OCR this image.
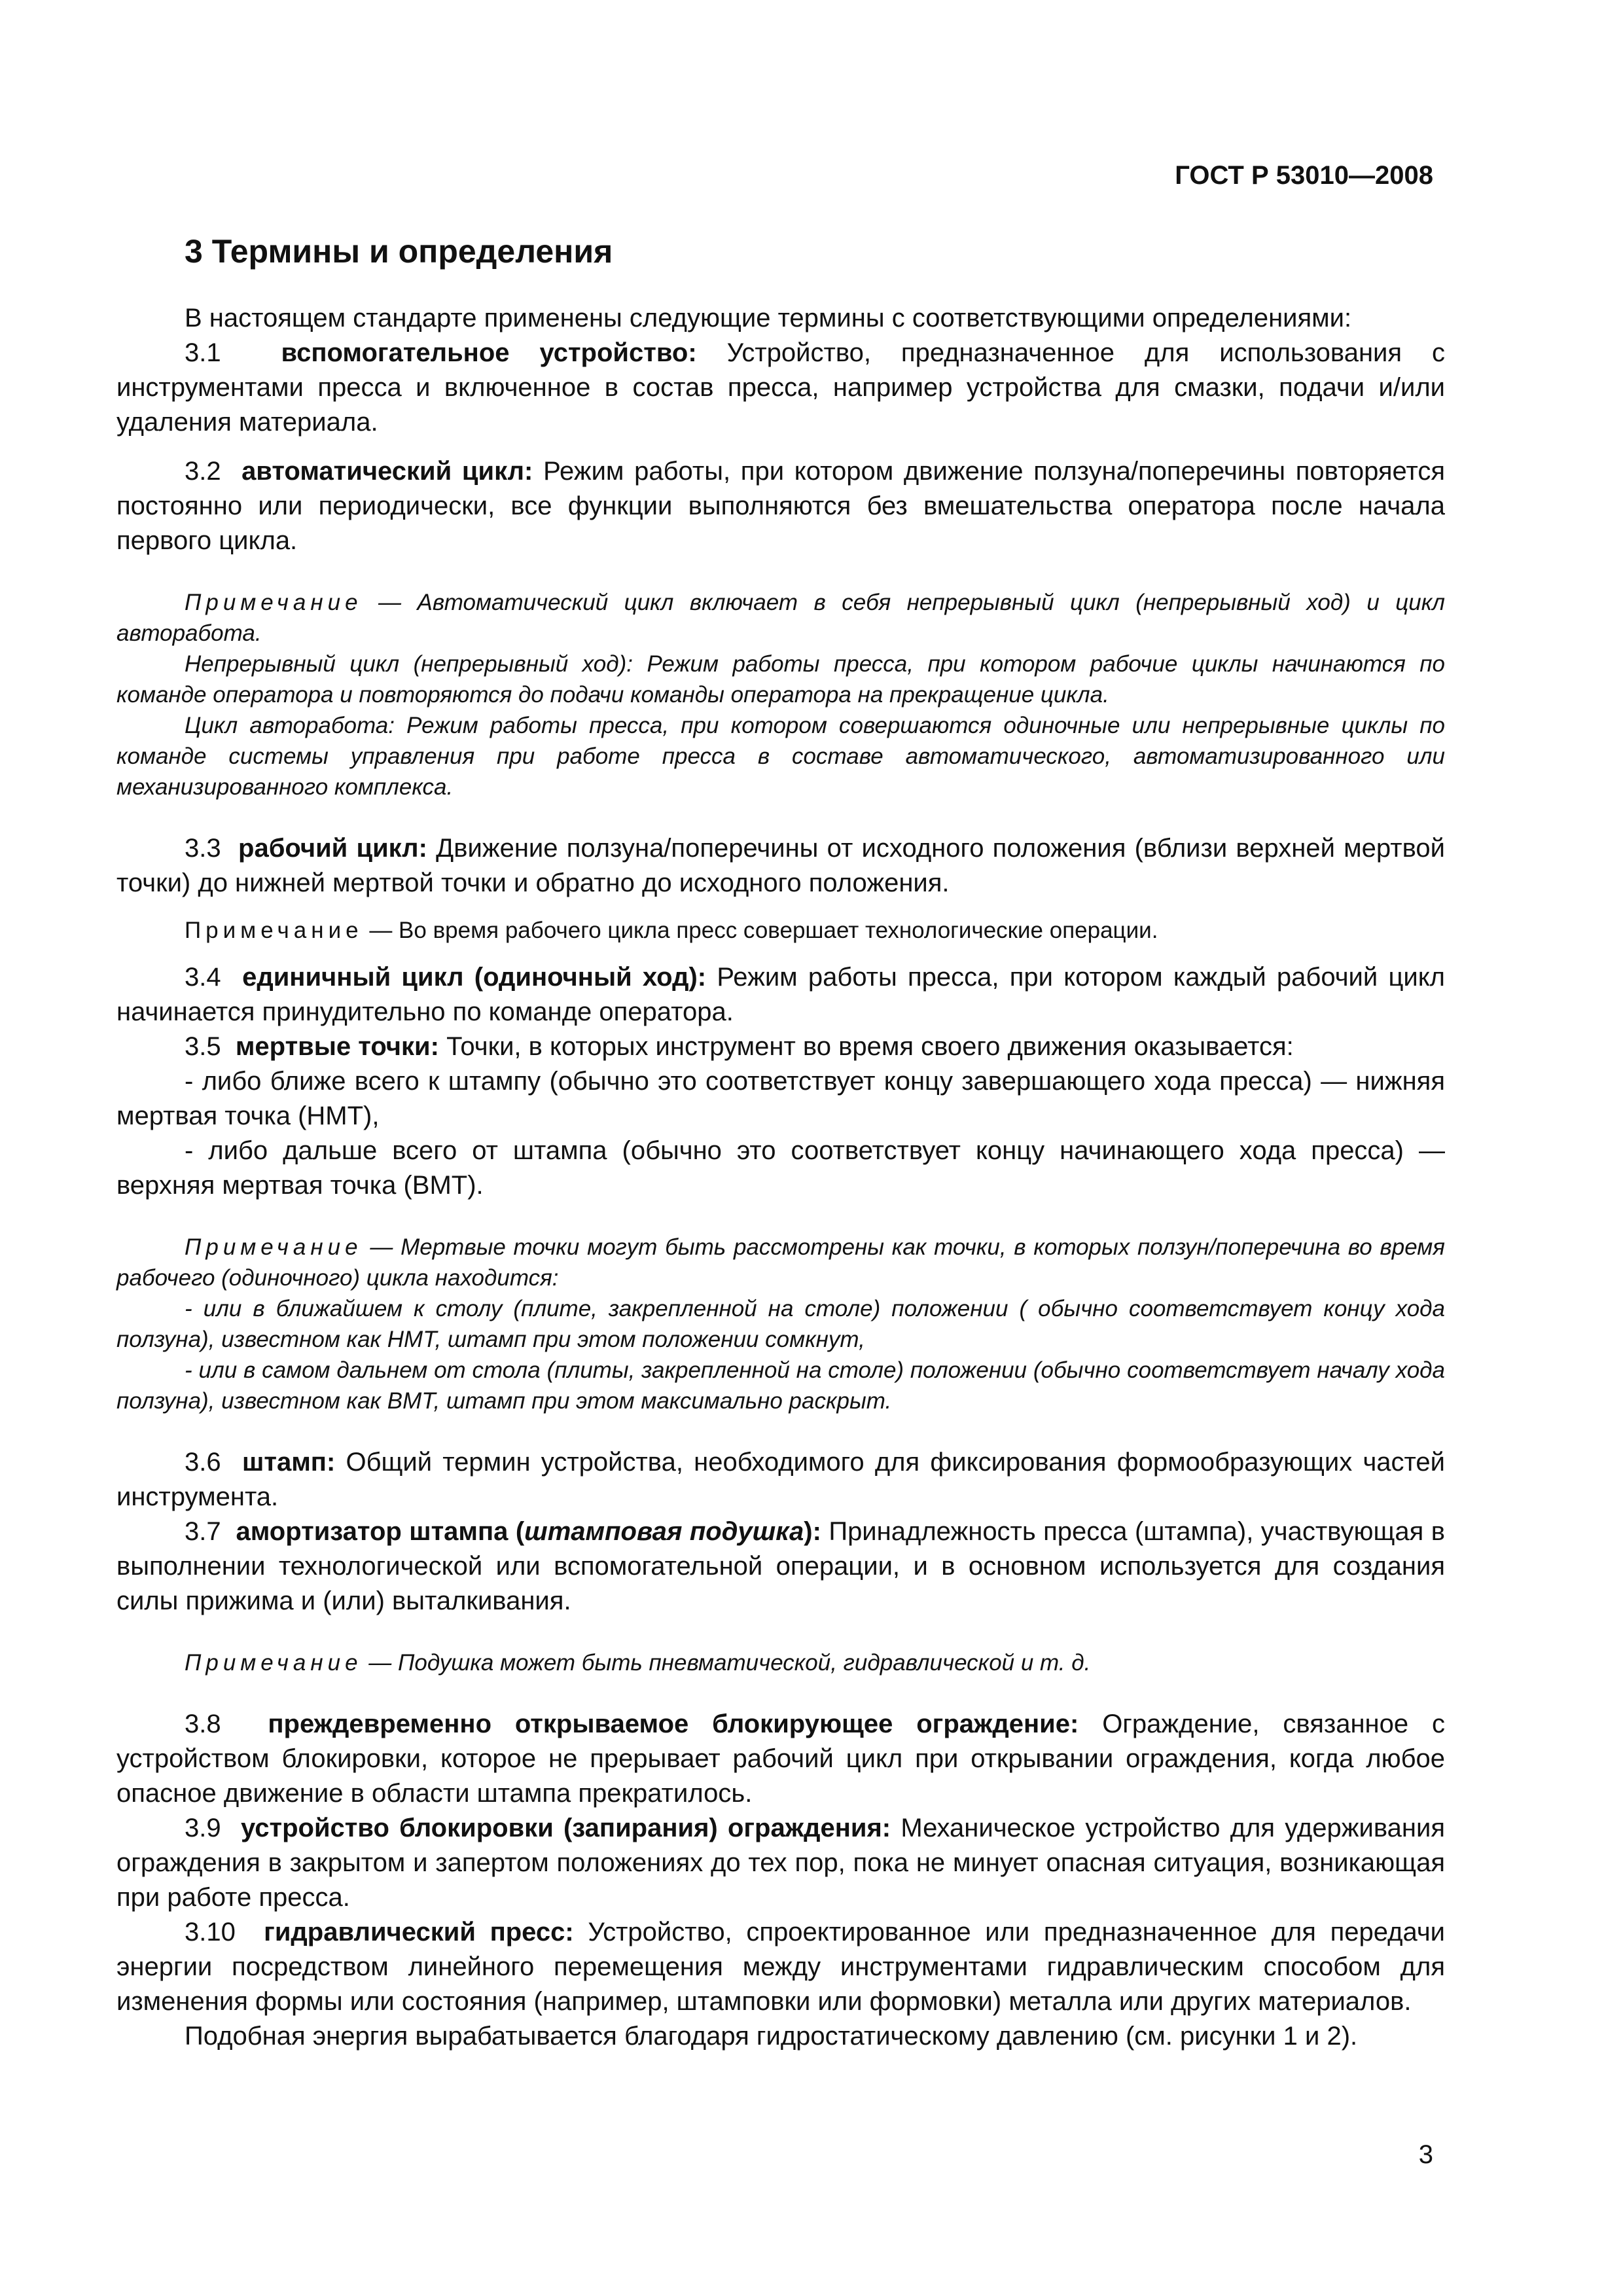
ГОСТ Р 53010—2008
3 Термины и определения

В настоящем стандарте применены следующие термины с соответствующими определениями:

3.1 вспомогательное устройство: Устройство, предназначенное для использования с инструментами пресса и включенное в состав пресса, например устройства для смазки, подачи и/или удаления материала.

3.2 автоматический цикл: Режим работы, при котором движение ползуна/поперечины повторяется постоянно или периодически, все функции выполняются без вмешательства оператора после начала первого цикла.

Примечание — Автоматический цикл включает в себя непрерывный цикл (непрерывный ход) и цикл авторабота.

Непрерывный цикл (непрерывный ход): Режим работы пресса, при котором рабочие циклы начинаются по команде оператора и повторяются до подачи команды оператора на прекращение цикла.

Цикл авторабота: Режим работы пресса, при котором совершаются одиночные или непрерывные циклы по команде системы управления при работе пресса в составе автоматического, автоматизированного или механизированного комплекса.

3.3 рабочий цикл: Движение ползуна/поперечины от исходного положения (вблизи верхней мертвой точки) до нижней мертвой точки и обратно до исходного положения.

Примечание — Во время рабочего цикла пресс совершает технологические операции.

3.4 единичный цикл (одиночный ход): Режим работы пресса, при котором каждый рабочий цикл начинается принудительно по команде оператора.

3.5 мертвые точки: Точки, в которых инструмент во время своего движения оказывается:

- либо ближе всего к штампу (обычно это соответствует концу завершающего хода пресса) — нижняя мертвая точка (НМТ),

- либо дальше всего от штампа (обычно это соответствует концу начинающего хода пресса) — верхняя мертвая точка (ВМТ).

Примечание — Мертвые точки могут быть рассмотрены как точки, в которых ползун/поперечина во время рабочего (одиночного) цикла находится:

- или в ближайшем к столу (плите, закрепленной на столе) положении ( обычно соответствует концу хода ползуна), известном как НМТ, штамп при этом положении сомкнут,

- или в самом дальнем от стола (плиты, закрепленной на столе) положении (обычно соответствует началу хода ползуна), известном как ВМТ, штамп при этом максимально раскрыт.

3.6 штамп: Общий термин устройства, необходимого для фиксирования формообразующих частей инструмента.

3.7 амортизатор штампа (штамповая подушка): Принадлежность пресса (штампа), участвующая в выполнении технологической или вспомогательной операции, и в основном используется для создания силы прижима и (или) выталкивания.

Примечание — Подушка может быть пневматической, гидравлической и т. д.

3.8 преждевременно открываемое блокирующее ограждение: Ограждение, связанное с устройством блокировки, которое не прерывает рабочий цикл при открывании ограждения, когда любое опасное движение в области штампа прекратилось.

3.9 устройство блокировки (запирания) ограждения: Механическое устройство для удерживания ограждения в закрытом и запертом положениях до тех пор, пока не минует опасная ситуация, возникающая при работе пресса.

3.10 гидравлический пресс: Устройство, спроектированное или предназначенное для передачи энергии посредством линейного перемещения между инструментами гидравлическим способом для изменения формы или состояния (например, штамповки или формовки) металла или других материалов.

Подобная энергия вырабатывается благодаря гидростатическому давлению (см. рисунки 1 и 2).

3
